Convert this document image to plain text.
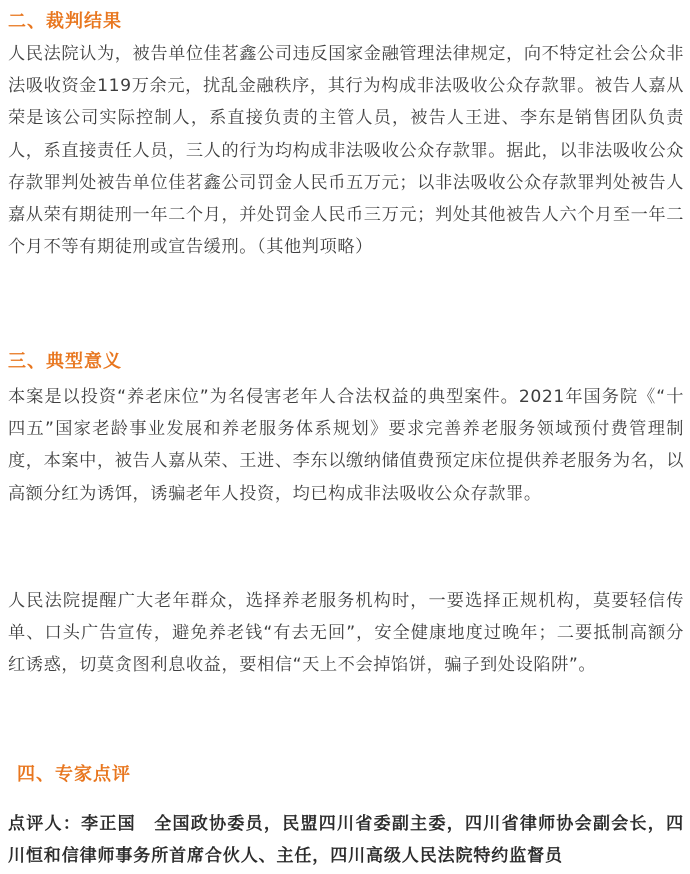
二、裁判结果

人民法院认为，被告单位佳茗鑫公司违反国家金融管理法律规定，向不特定社会公众非法吸收资金119万余元，扰乱金融秩序，其行为构成非法吸收公众存款罪。被告人嘉从荣是该公司实际控制人，系直接负责的主管人员，被告人王进、李东是销售团队负责人，系直接责任人员，三人的行为均构成非法吸收公众存款罪。据此，以非法吸收公众存款罪判处被告单位佳茗鑫公司罚金人民币五万元；以非法吸收公众存款罪判处被告人嘉从荣有期徒刑一年二个月，并处罚金人民币三万元；判处其他被告人六个月至一年二个月不等有期徒刑或宣告缓刑。（其他判项略）

三、典型意义

本案是以投资“养老床位”为名侵害老年人合法权益的典型案件。2021年国务院《“十四五”国家老龄事业发展和养老服务体系规划》要求完善养老服务领域预付费管理制度，本案中，被告人嘉从荣、王进、李东以缴纳储值费预定床位提供养老服务为名，以高额分红为诱饵，诱骗老年人投资，均已构成非法吸收公众存款罪。

人民法院提醒广大老年群众，选择养老服务机构时，一要选择正规机构，莫要轻信传单、口头广告宣传，避免养老钱“有去无回”，安全健康地度过晚年；二要抵制高额分红诱惑，切莫贪图利息收益，要相信“天上不会掉馅饼，骗子到处设陷阱”。

四、专家点评

点评人：李正国　全国政协委员，民盟四川省委副主委，四川省律师协会副会长，四川恒和信律师事务所首席合伙人、主任，四川高级人民法院特约监督员
